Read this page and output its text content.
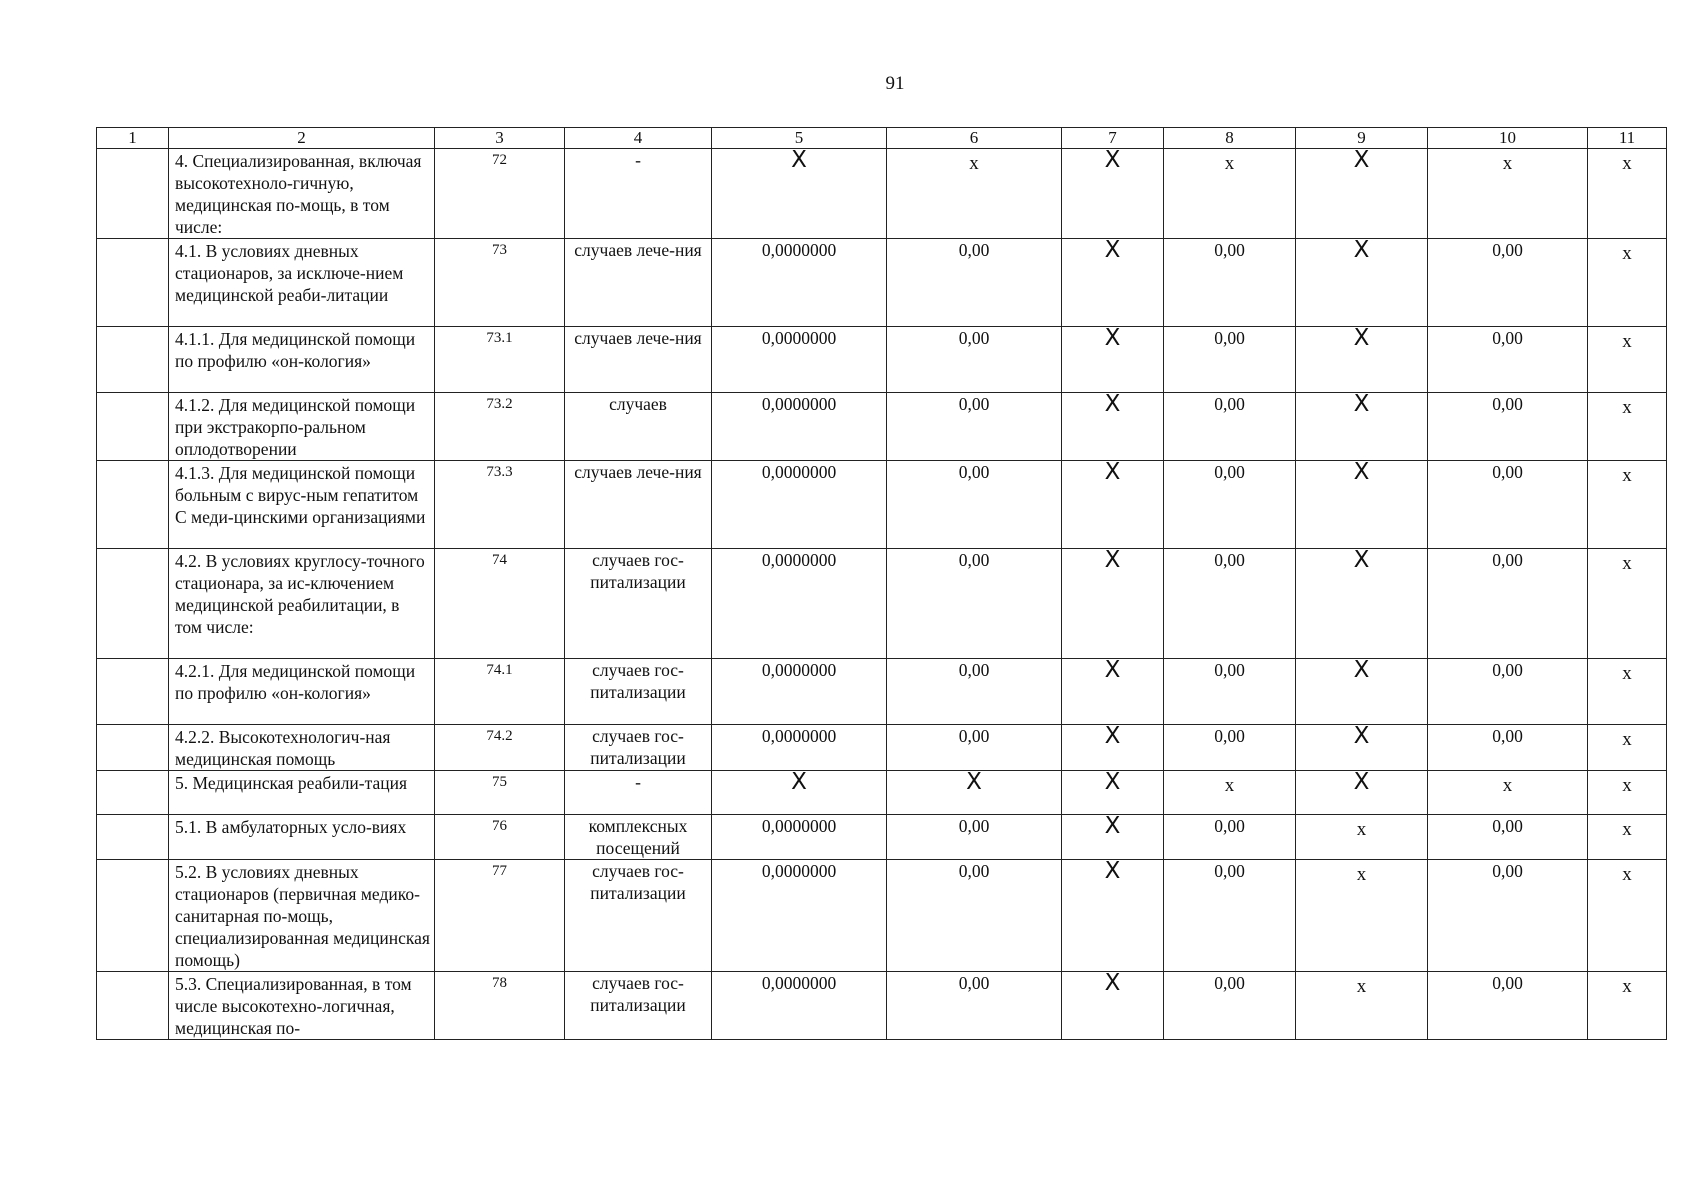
91
1	2	3	4	5	6	7	8	9	10	11
	4. Специализированная, включая высокотехноло-гичную, медицинская по-мощь, в том числе:	72	-	X	x	X	x	X	x	x
	4.1. В условиях дневных стационаров, за исключе-нием медицинской реаби-литации	73	случаев лече-ния	0,0000000	0,00	X	0,00	X	0,00	x
	4.1.1. Для медицинской помощи по профилю «он-кология»	73.1	случаев лече-ния	0,0000000	0,00	X	0,00	X	0,00	x
	4.1.2. Для медицинской помощи при экстракорпо-ральном оплодотворении	73.2	случаев	0,0000000	0,00	X	0,00	X	0,00	x
	4.1.3. Для медицинской помощи больным с вирус-ным гепатитом С меди-цинскими организациями	73.3	случаев лече-ния	0,0000000	0,00	X	0,00	X	0,00	x
	4.2. В условиях круглосу-точного стационара, за ис-ключением медицинской реабилитации, в том числе:	74	случаев гос-питализации	0,0000000	0,00	X	0,00	X	0,00	x
	4.2.1. Для медицинской помощи по профилю «он-кология»	74.1	случаев гос-питализации	0,0000000	0,00	X	0,00	X	0,00	x
	4.2.2. Высокотехнологич-ная медицинская помощь	74.2	случаев гос-питализации	0,0000000	0,00	X	0,00	X	0,00	x
	5. Медицинская реабили-тация	75	-	X	X	X	x	X	x	x
	5.1. В амбулаторных усло-виях	76	комплексных посещений	0,0000000	0,00	X	0,00	x	0,00	x
	5.2. В условиях дневных стационаров (первичная медико-санитарная по-мощь, специализированная медицинская помощь)	77	случаев гос-питализации	0,0000000	0,00	X	0,00	x	0,00	x
	5.3. Специализированная, в том числе высокотехно-логичная, медицинская по-	78	случаев гос-питализации	0,0000000	0,00	X	0,00	x	0,00	x
